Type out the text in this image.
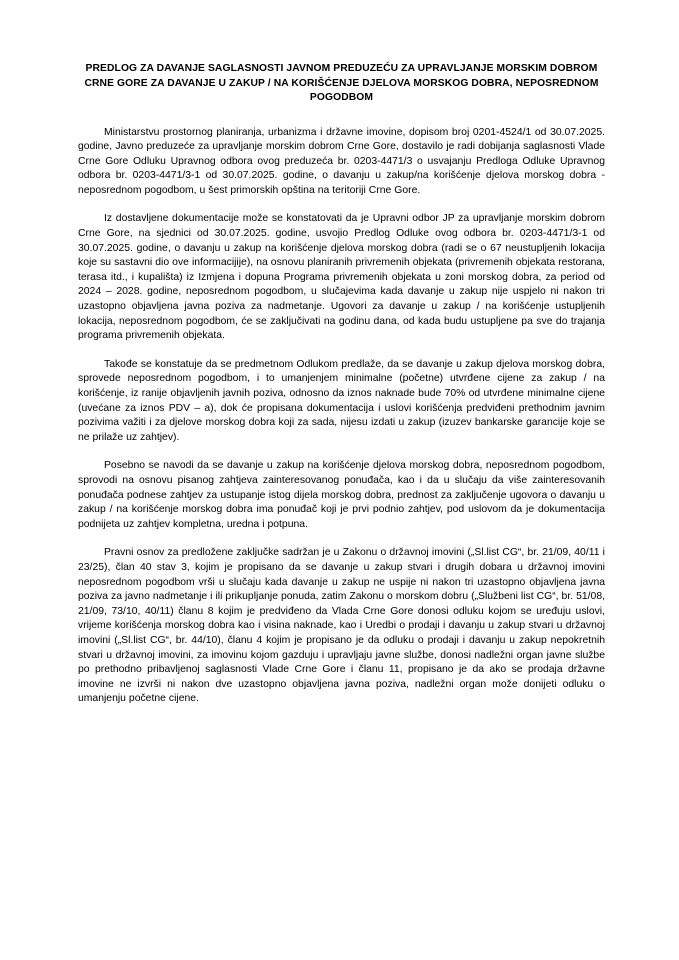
PREDLOG ZA DAVANJE SAGLASNOSTI JAVNOM PREDUZEĆU ZA UPRAVLJANJE MORSKIM DOBROM CRNE GORE ZA DAVANJE U ZAKUP / NA KORIŠĆENJE DJELOVA MORSKOG DOBRA, NEPOSREDNOM POGODBOM

Ministarstvu prostornog planiranja, urbanizma i državne imovine, dopisom broj 0201-4524/1 od 30.07.2025. godine, Javno preduzeće za upravljanje morskim dobrom Crne Gore, dostavilo je radi dobijanja saglasnosti Vlade Crne Gore Odluku Upravnog odbora ovog preduzeća br. 0203-4471/3 o usvajanju Predloga Odluke Upravnog odbora br. 0203-4471/3-1 od 30.07.2025. godine, o davanju u zakup/na korišćenje djelova morskog dobra - neposrednom pogodbom, u šest primorskih opština na teritoriji Crne Gore.

Iz dostavljene dokumentacije može se konstatovati da je Upravni odbor JP za upravljanje morskim dobrom Crne Gore, na sjednici od 30.07.2025. godine, usvojio Predlog Odluke ovog odbora br. 0203-4471/3-1 od 30.07.2025. godine, o davanju u zakup na korišćenje djelova morskog dobra (radi se o 67 neustupljenih lokacija koje su sastavni dio ove informacijije), na osnovu planiranih privremenih objekata (privremenih objekata restorana, terasa itd., i kupališta) iz Izmjena i dopuna Programa privremenih objekata u zoni morskog dobra, za period od 2024 – 2028. godine, neposrednom pogodbom, u slučajevima kada davanje u zakup nije uspjelo ni nakon tri uzastopno objavljena javna poziva za nadmetanje. Ugovori za davanje u zakup / na korišćenje ustupljenih lokacija, neposrednom pogodbom, će se zaključivati na godinu dana, od kada budu ustupljene pa sve do trajanja programa privremenih objekata.

Takođe se konstatuje da se predmetnom Odlukom predlaže, da se davanje u zakup djelova morskog dobra, sprovede neposrednom pogodbom, i to umanjenjem minimalne (početne) utvrđene cijene za zakup / na korišćenje, iz ranije objavljenih javnih poziva, odnosno da iznos naknade bude 70% od utvrđene minimalne cijene (uvećane za iznos PDV – a), dok će propisana dokumentacija i uslovi korišćenja predviđeni prethodnim javnim pozivima važiti i za djelove morskog dobra koji za sada, nijesu izdati u zakup (izuzev bankarske garancije koje se ne prilaže uz zahtjev).

Posebno se navodi da se davanje u zakup na korišćenje djelova morskog dobra, neposrednom pogodbom, sprovodi na osnovu pisanog zahtjeva zainteresovanog ponuđača, kao i da u slučaju da više zainteresovanih ponuđača podnese zahtjev za ustupanje istog dijela morskog dobra, prednost za zaključenje ugovora o davanju u zakup / na korišćenje morskog dobra ima ponuđač koji je prvi podnio zahtjev, pod uslovom da je dokumentacija podnijeta uz zahtjev kompletna, uredna i potpuna.

Pravni osnov za predložene zaključke sadržan je u Zakonu o državnoj imovini („Sl.list CG“, br. 21/09, 40/11 i 23/25), član 40 stav 3, kojim je propisano da se davanje u zakup stvari i drugih dobara u državnoj imovini neposrednom pogodbom vrši u slučaju kada davanje u zakup ne uspije ni nakon tri uzastopno objavljena javna poziva za javno nadmetanje i ili prikupljanje ponuda, zatim Zakonu o morskom dobru („Službeni list CG“, br. 51/08, 21/09, 73/10, 40/11) članu 8 kojim je predviđeno da Vlada Crne Gore donosi odluku kojom se uređuju uslovi, vrijeme korišćenja morskog dobra kao i visina naknade, kao i Uredbi o prodaji i davanju u zakup stvari u državnoj imovini („Sl.list CG“, br. 44/10), članu 4 kojim je propisano je da odluku o prodaji i davanju u zakup nepokretnih stvari u državnoj imovini, za imovinu kojom gazduju i upravljaju javne službe, donosi nadležni organ javne službe po prethodno pribavljenoj saglasnosti Vlade Crne Gore i članu 11, propisano je da ako se prodaja državne imovine ne izvrši ni nakon dve uzastopno objavljena javna poziva, nadležni organ može donijeti odluku o umanjenju početne cijene.
